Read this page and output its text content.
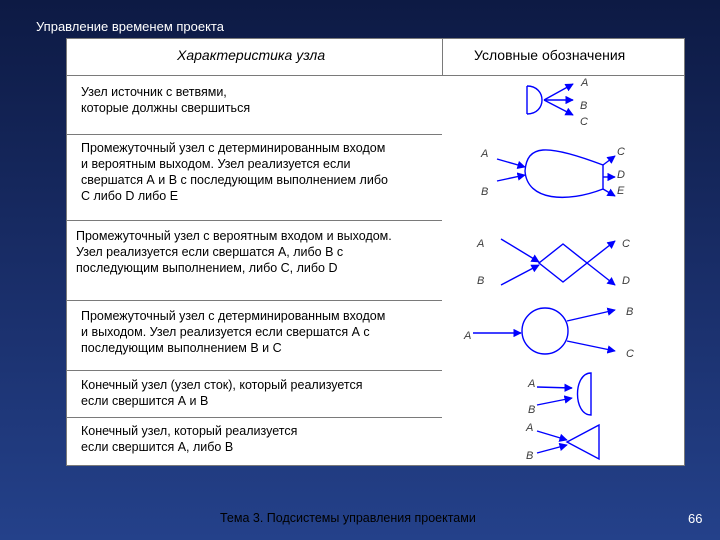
Управление временем проекта
Характеристика узла	Условные обозначения
Узел источник с ветвями,
которые должны свершиться
Промежуточный узел с детерминированным входом
и вероятным выходом. Узел реализуется если
свершатся А и В с последующим выполнением либо
С либо D либо Е
Промежуточный узел с вероятным входом и выходом.
Узел реализуется если свершатся А, либо В с
последующим выполнением, либо С, либо D
Промежуточный узел с детерминированным входом
и выходом. Узел реализуется если свершатся А с
последующим выполнением В и С
Конечный узел (узел сток), который реализуется
если свершится А и В
Конечный узел, который реализуется
если свершится А, либо В
A
B
C
A
B
C
D
E
A
B
C
D
A
B
C
A
B
A
B
Тема 3. Подсистемы управления проектами	66
